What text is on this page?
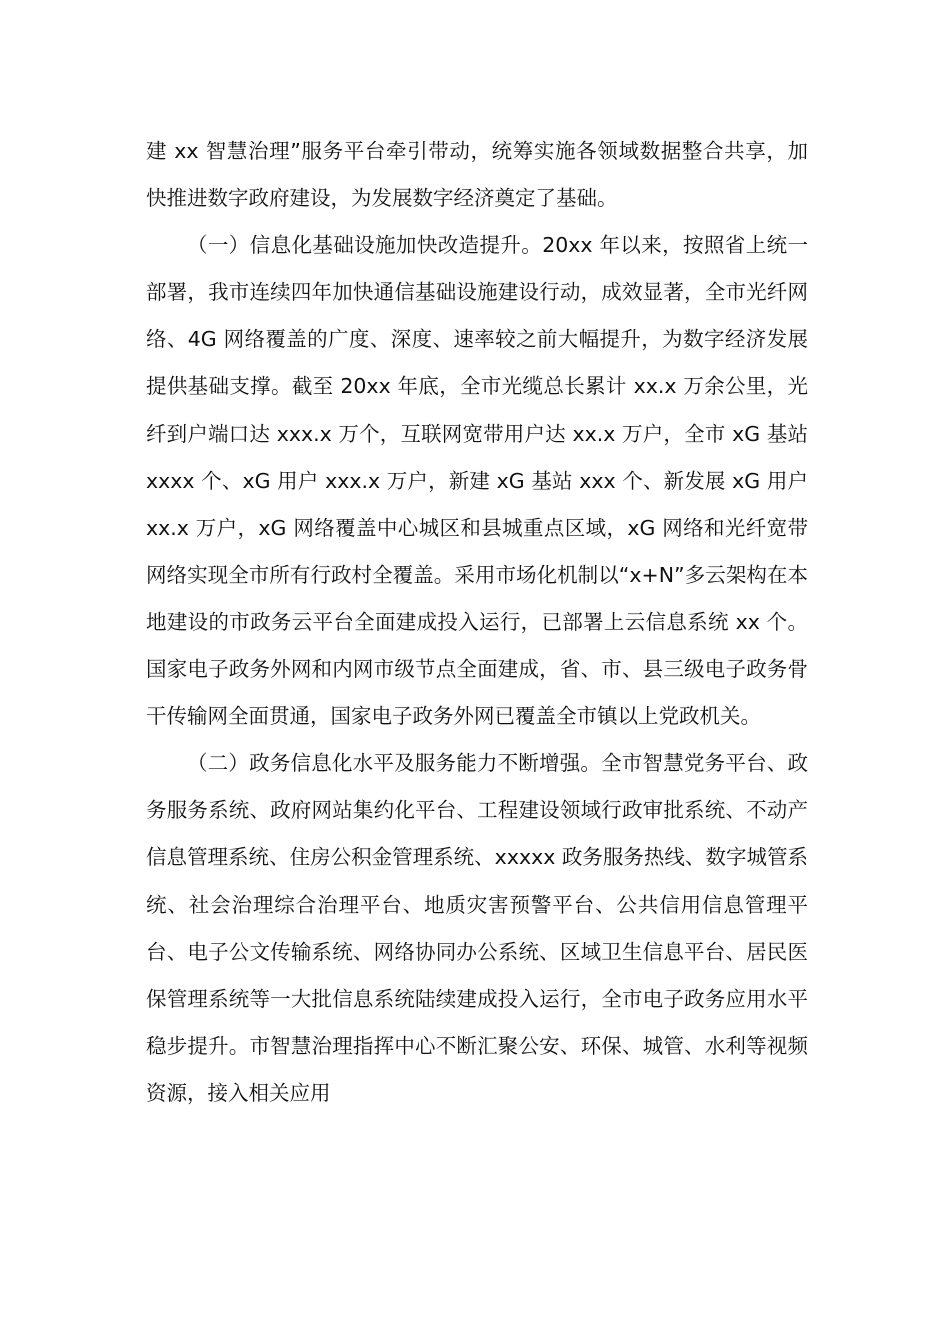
建 xx 智慧治理”服务平台牵引带动，统筹实施各领域数据整合共享，加快推进数字政府建设，为发展数字经济奠定了基础。

（一）信息化基础设施加快改造提升。20xx 年以来，按照省上统一部署，我市连续四年加快通信基础设施建设行动，成效显著，全市光纤网络、4G 网络覆盖的广度、深度、速率较之前大幅提升，为数字经济发展提供基础支撑。截至 20xx 年底，全市光缆总长累计 xx.x 万余公里，光纤到户端口达 xxx.x 万个，互联网宽带用户达 xx.x 万户，全市 xG 基站 xxxx 个、xG 用户 xxx.x 万户，新建 xG 基站 xxx 个、新发展 xG 用户 xx.x 万户，xG 网络覆盖中心城区和县城重点区域，xG 网络和光纤宽带网络实现全市所有行政村全覆盖。采用市场化机制以“x+N”多云架构在本地建设的市政务云平台全面建成投入运行，已部署上云信息系统 xx 个。国家电子政务外网和内网市级节点全面建成，省、市、县三级电子政务骨干传输网全面贯通，国家电子政务外网已覆盖全市镇以上党政机关。

（二）政务信息化水平及服务能力不断增强。全市智慧党务平台、政务服务系统、政府网站集约化平台、工程建设领域行政审批系统、不动产信息管理系统、住房公积金管理系统、xxxxx 政务服务热线、数字城管系统、社会治理综合治理平台、地质灾害预警平台、公共信用信息管理平台、电子公文传输系统、网络协同办公系统、区域卫生信息平台、居民医保管理系统等一大批信息系统陆续建成投入运行，全市电子政务应用水平稳步提升。市智慧治理指挥中心不断汇聚公安、环保、城管、水利等视频资源，接入相关应用
